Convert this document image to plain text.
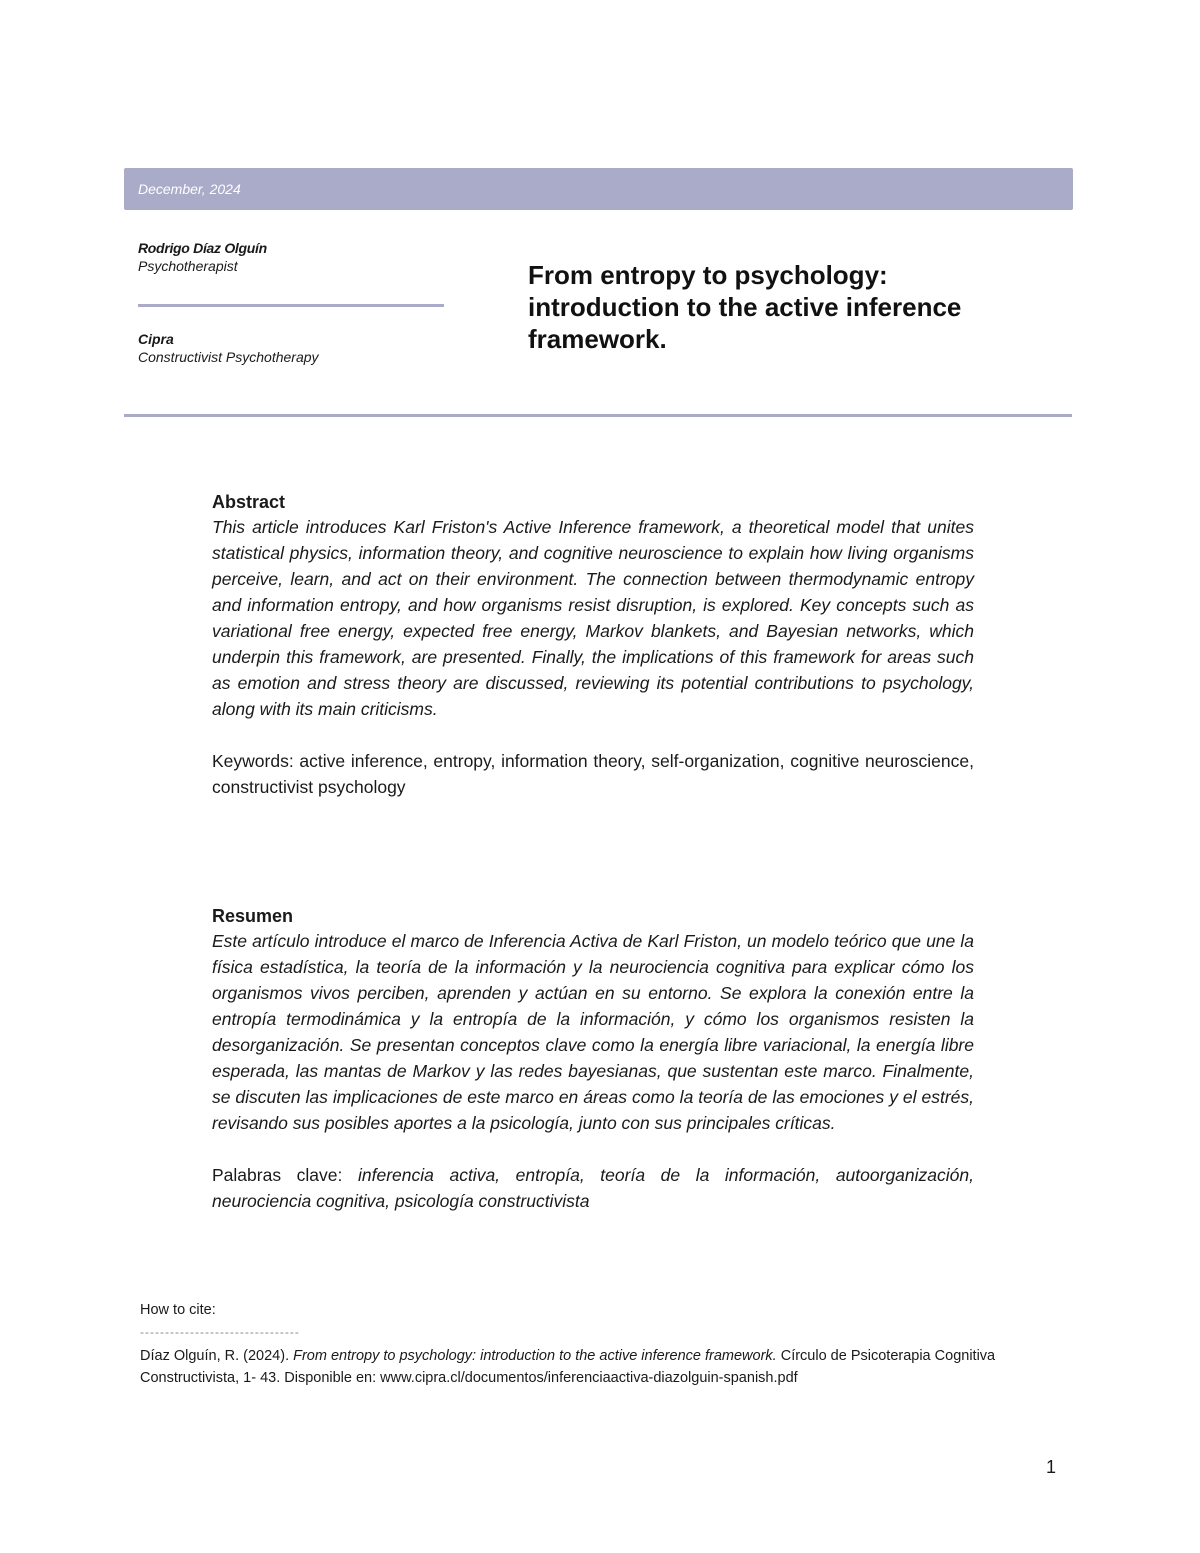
December, 2024
Rodrigo Díaz Olguín
Psychotherapist
Cipra
Constructivist Psychotherapy
From entropy to psychology: introduction to the active inference framework.
Abstract
This article introduces Karl Friston's Active Inference framework, a theoretical model that unites statistical physics, information theory, and cognitive neuroscience to explain how living organisms perceive, learn, and act on their environment. The connection between thermodynamic entropy and information entropy, and how organisms resist disruption, is explored. Key concepts such as variational free energy, expected free energy, Markov blankets, and Bayesian networks, which underpin this framework, are presented. Finally, the implications of this framework for areas such as emotion and stress theory are discussed, reviewing its potential contributions to psychology, along with its main criticisms.
Keywords: active inference, entropy, information theory, self-organization, cognitive neuroscience, constructivist psychology
Resumen
Este artículo introduce el marco de Inferencia Activa de Karl Friston, un modelo teórico que une la física estadística, la teoría de la información y la neurociencia cognitiva para explicar cómo los organismos vivos perciben, aprenden y actúan en su entorno. Se explora la conexión entre la entropía termodinámica y la entropía de la información, y cómo los organismos resisten la desorganización. Se presentan conceptos clave como la energía libre variacional, la energía libre esperada, las mantas de Markov y las redes bayesianas, que sustentan este marco. Finalmente, se discuten las implicaciones de este marco en áreas como la teoría de las emociones y el estrés, revisando sus posibles aportes a la psicología, junto con sus principales críticas.
Palabras clave: inferencia activa, entropía, teoría de la información, autoorganización, neurociencia cognitiva, psicología constructivista
How to cite:
--------------------------------
Díaz Olguín, R. (2024). From entropy to psychology: introduction to the active inference framework. Círculo de Psicoterapia Cognitiva Constructivista, 1- 43. Disponible en: www.cipra.cl/documentos/inferenciaactiva-diazolguin-spanish.pdf
1
